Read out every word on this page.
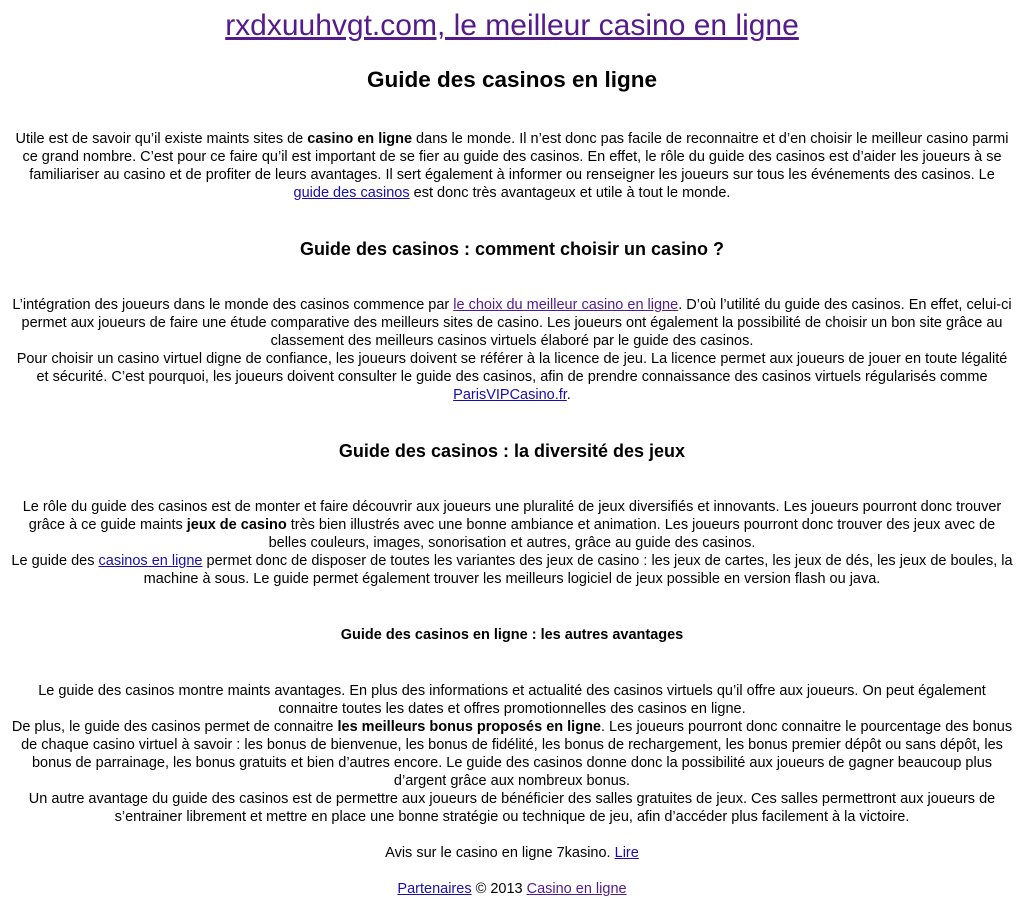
rxdxuuhvgt.com, le meilleur casino en ligne
Guide des casinos en ligne

Utile est de savoir qu’il existe maints sites de casino en ligne dans le monde. Il n’est donc pas facile de reconnaitre et d’en choisir le meilleur casino parmi ce grand nombre. C’est pour ce faire qu’il est important de se fier au guide des casinos. En effet, le rôle du guide des casinos est d’aider les joueurs à se familiariser au casino et de profiter de leurs avantages. Il sert également à informer ou renseigner les joueurs sur tous les événements des casinos. Le guide des casinos est donc très avantageux et utile à tout le monde.

Guide des casinos : comment choisir un casino ?

L’intégration des joueurs dans le monde des casinos commence par le choix du meilleur casino en ligne. D’où l’utilité du guide des casinos. En effet, celui-ci permet aux joueurs de faire une étude comparative des meilleurs sites de casino. Les joueurs ont également la possibilité de choisir un bon site grâce au classement des meilleurs casinos virtuels élaboré par le guide des casinos.
Pour choisir un casino virtuel digne de confiance, les joueurs doivent se référer à la licence de jeu. La licence permet aux joueurs de jouer en toute légalité et sécurité. C’est pourquoi, les joueurs doivent consulter le guide des casinos, afin de prendre connaissance des casinos virtuels régularisés comme ParisVIPCasino.fr.

Guide des casinos : la diversité des jeux

Le rôle du guide des casinos est de monter et faire découvrir aux joueurs une pluralité de jeux diversifiés et innovants. Les joueurs pourront donc trouver grâce à ce guide maints jeux de casino très bien illustrés avec une bonne ambiance et animation. Les joueurs pourront donc trouver des jeux avec de belles couleurs, images, sonorisation et autres, grâce au guide des casinos.
Le guide des casinos en ligne permet donc de disposer de toutes les variantes des jeux de casino : les jeux de cartes, les jeux de dés, les jeux de boules, la machine à sous. Le guide permet également trouver les meilleurs logiciel de jeux possible en version flash ou java.

Guide des casinos en ligne : les autres avantages

Le guide des casinos montre maints avantages. En plus des informations et actualité des casinos virtuels qu’il offre aux joueurs. On peut également connaitre toutes les dates et offres promotionnelles des casinos en ligne.
De plus, le guide des casinos permet de connaitre les meilleurs bonus proposés en ligne. Les joueurs pourront donc connaitre le pourcentage des bonus de chaque casino virtuel à savoir : les bonus de bienvenue, les bonus de fidélité, les bonus de rechargement, les bonus premier dépôt ou sans dépôt, les bonus de parrainage, les bonus gratuits et bien d’autres encore. Le guide des casinos donne donc la possibilité aux joueurs de gagner beaucoup plus d’argent grâce aux nombreux bonus.
Un autre avantage du guide des casinos est de permettre aux joueurs de bénéficier des salles gratuites de jeux. Ces salles permettront aux joueurs de s’entrainer librement et mettre en place une bonne stratégie ou technique de jeu, afin d’accéder plus facilement à la victoire.

Avis sur le casino en ligne 7kasino. Lire

Partenaires © 2013 Casino en ligne
